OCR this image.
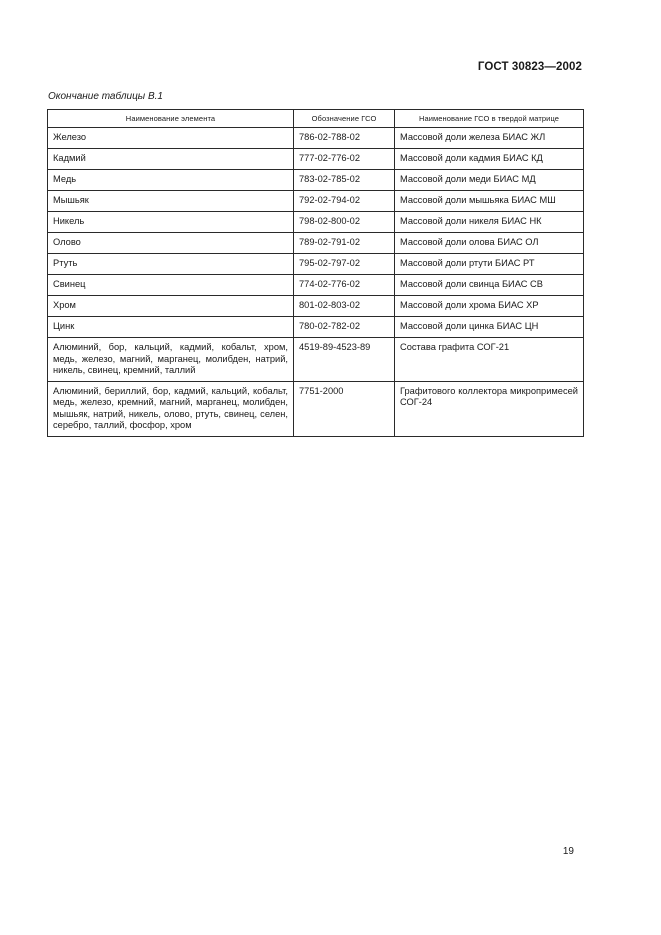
ГОСТ 30823—2002
Окончание таблицы В.1
Наименование элемента	Обозначение ГСО	Наименование ГСО в твердой матрице
Железо	786-02-788-02	Массовой доли железа БИАС ЖЛ
Кадмий	777-02-776-02	Массовой доли кадмия БИАС КД
Медь	783-02-785-02	Массовой доли меди БИАС МД
Мышьяк	792-02-794-02	Массовой доли мышьяка БИАС МШ
Никель	798-02-800-02	Массовой доли никеля БИАС НК
Олово	789-02-791-02	Массовой доли олова БИАС ОЛ
Ртуть	795-02-797-02	Массовой доли ртути БИАС РТ
Свинец	774-02-776-02	Массовой доли свинца БИАС СВ
Хром	801-02-803-02	Массовой доли хрома БИАС ХР
Цинк	780-02-782-02	Массовой доли цинка БИАС ЦН
Алюминий, бор, кальций, кадмий, кобальт, хром, медь, железо, магний, марганец, молибден, натрий, никель, свинец, кремний, таллий	4519-89-4523-89	Состава графита СОГ-21
Алюминий, бериллий, бор, кадмий, кальций, кобальт, медь, железо, кремний, магний, марганец, молибден, мышьяк, натрий, никель, олово, ртуть, свинец, селен, серебро, таллий, фосфор, хром	7751-2000	Графитового коллектора микропримесей СОГ-24
19
